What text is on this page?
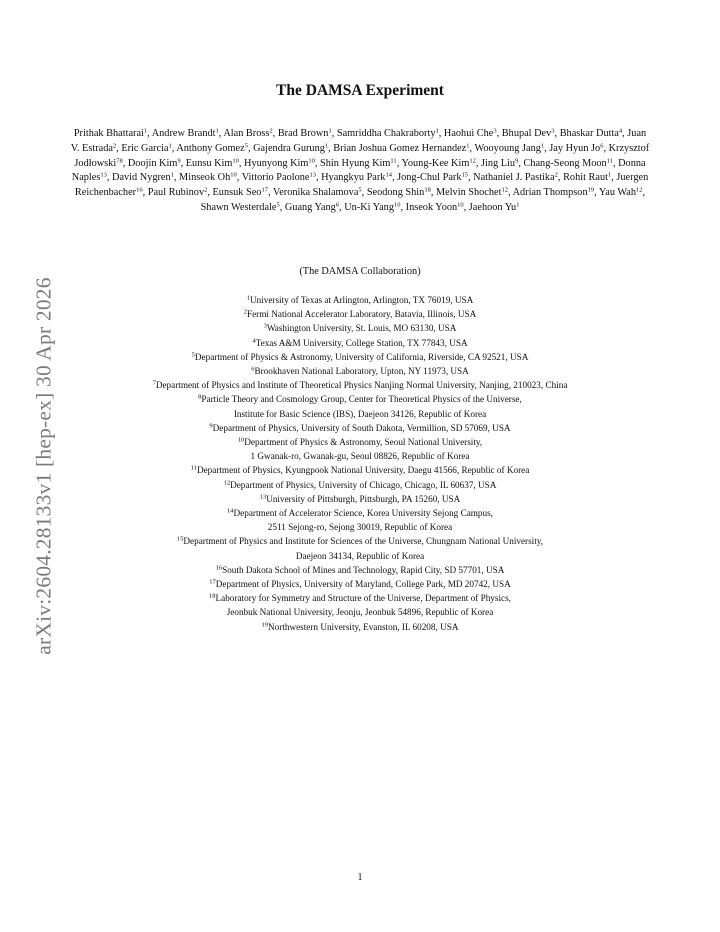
arXiv:2604.28133v1 [hep-ex] 30 Apr 2026
The DAMSA Experiment
Prithak Bhattarai$^1$, Andrew Brandt$^1$, Alan Bross$^2$, Brad Brown$^1$, Samriddha Chakraborty$^1$, Haohui Che$^3$, Bhupal Dev$^3$, Bhaskar Dutta$^4$, Juan V. Estrada$^2$, Eric Garcia$^1$, Anthony Gomez$^5$, Gajendra Gurung$^1$, Brian Joshua Gomez Hernandez$^1$, Wooyoung Jang$^1$, Jay Hyun Jo$^6$, Krzysztof Jodłowski$^{78}$, Doojin Kim$^9$, Eunsu Kim$^{10}$, Hyunyong Kim$^{10}$, Shin Hyung Kim$^{11}$, Young-Kee Kim$^{12}$, Jing Liu$^9$, Chang-Seong Moon$^{11}$, Donna Naples$^{13}$, David Nygren$^1$, Minseok Oh$^{10}$, Vittorio Paolone$^{13}$, Hyangkyu Park$^{14}$, Jong-Chul Park$^{15}$, Nathaniel J. Pastika$^2$, Rohit Raut$^1$, Juergen Reichenbacher$^{16}$, Paul Rubinov$^2$, Eunsuk Seo$^{17}$, Veronika Shalamova$^5$, Seodong Shin$^{18}$, Melvin Shochet$^{12}$, Adrian Thompson$^{19}$, Yau Wah$^{12}$, Shawn Westerdale$^5$, Guang Yang$^6$, Un-Ki Yang$^{10}$, Inseok Yoon$^{10}$, Jaehoon Yu$^1$
(The DAMSA Collaboration)
$^1$University of Texas at Arlington, Arlington, TX 76019, USA
$^2$Fermi National Accelerator Laboratory, Batavia, Illinois, USA
$^3$Washington University, St. Louis, MO 63130, USA
$^4$Texas A&M University, College Station, TX 77843, USA
$^5$Department of Physics & Astronomy, University of California, Riverside, CA 92521, USA
$^6$Brookhaven National Laboratory, Upton, NY 11973, USA
$^7$Department of Physics and Institute of Theoretical Physics Nanjing Normal University, Nanjing, 210023, China
$^8$Particle Theory and Cosmology Group, Center for Theoretical Physics of the Universe,
Institute for Basic Science (IBS), Daejeon 34126, Republic of Korea
$^9$Department of Physics, University of South Dakota, Vermillion, SD 57069, USA
$^{10}$Department of Physics & Astronomy, Seoul National University,
1 Gwanak-ro, Gwanak-gu, Seoul 08826, Republic of Korea
$^{11}$Department of Physics, Kyungpook National University, Daegu 41566, Republic of Korea
$^{12}$Department of Physics, University of Chicago, Chicago, IL 60637, USA
$^{13}$University of Pittsburgh, Pittsburgh, PA 15260, USA
$^{14}$Department of Accelerator Science, Korea University Sejong Campus,
2511 Sejong-ro, Sejong 30019, Republic of Korea
$^{15}$Department of Physics and Institute for Sciences of the Universe, Chungnam National University,
Daejeon 34134, Republic of Korea
$^{16}$South Dakota School of Mines and Technology, Rapid City, SD 57701, USA
$^{17}$Department of Physics, University of Maryland, College Park, MD 20742, USA
$^{18}$Laboratory for Symmetry and Structure of the Universe, Department of Physics,
Jeonbuk National University, Jeonju, Jeonbuk 54896, Republic of Korea
$^{19}$Northwestern University, Evanston, IL 60208, USA
1
